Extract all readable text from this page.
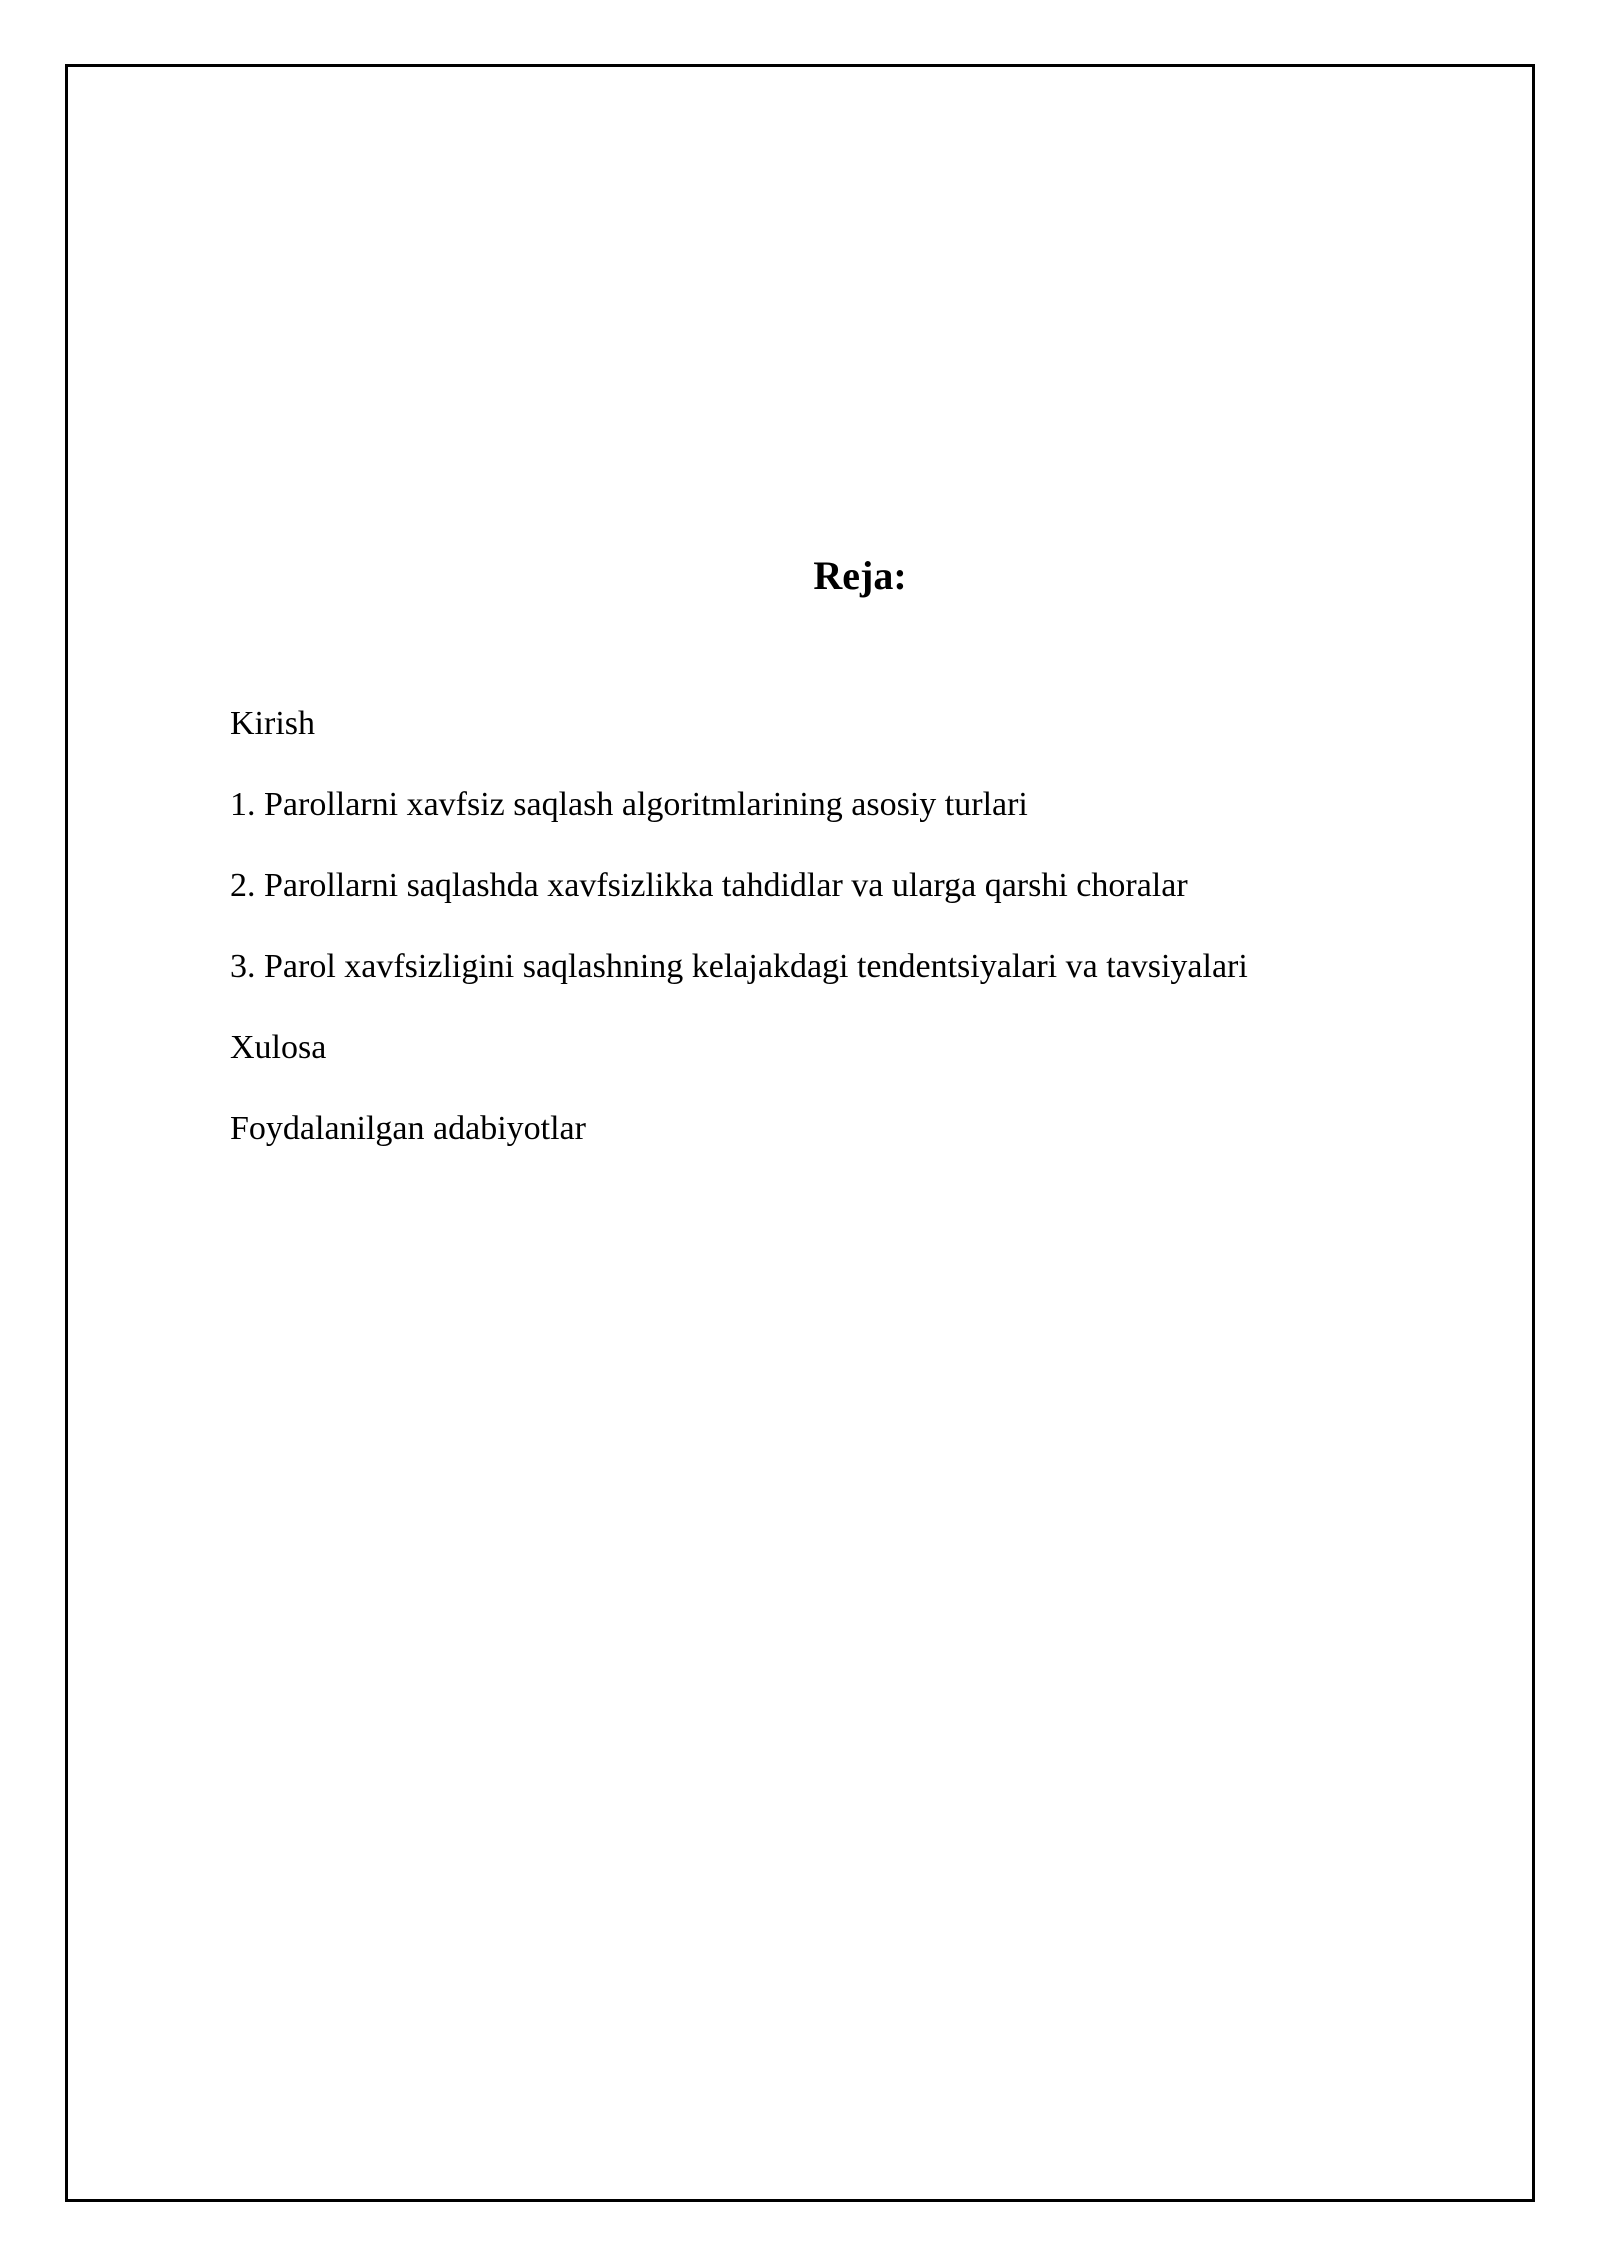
Reja:
Kirish
1. Parollarni xavfsiz saqlash algoritmlarining asosiy turlari
2. Parollarni saqlashda xavfsizlikka tahdidlar va ularga qarshi choralar
3. Parol xavfsizligini saqlashning kelajakdagi tendentsiyalari va tavsiyalari
Xulosa
Foydalanilgan adabiyotlar
